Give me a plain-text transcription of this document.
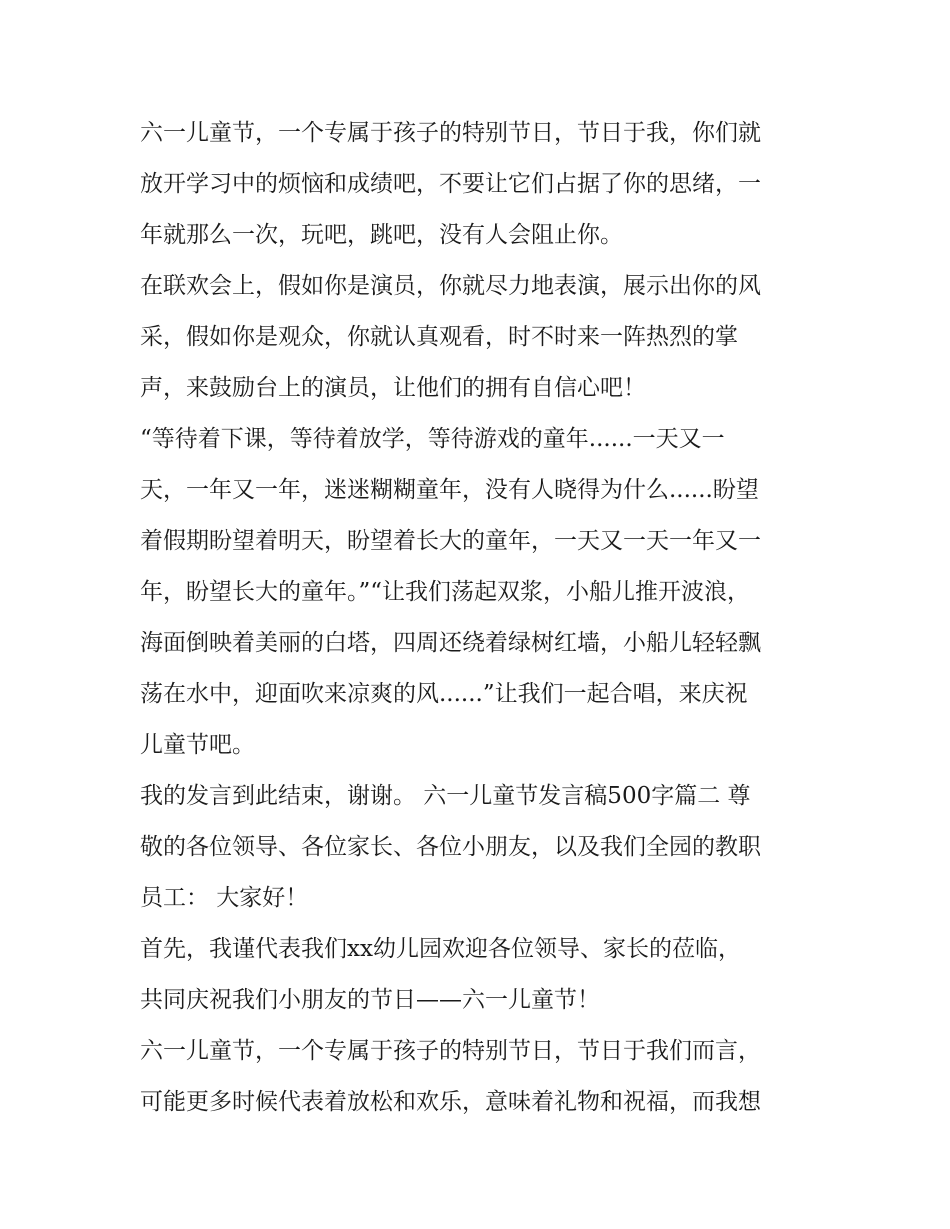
六一儿童节，一个专属于孩子的特别节日，节日于我，你们就
放开学习中的烦恼和成绩吧，不要让它们占据了你的思绪，一
年就那么一次，玩吧，跳吧，没有人会阻止你。
在联欢会上，假如你是演员，你就尽力地表演，展示出你的风
采，假如你是观众，你就认真观看，时不时来一阵热烈的掌
声，来鼓励台上的演员，让他们的拥有自信心吧！
“等待着下课，等待着放学，等待游戏的童年......一天又一
天，一年又一年，迷迷糊糊童年，没有人晓得为什么......盼望
着假期盼望着明天，盼望着长大的童年，一天又一天一年又一
年，盼望长大的童年。”“让我们荡起双浆，小船儿推开波浪，
海面倒映着美丽的白塔，四周还绕着绿树红墙，小船儿轻轻飘
荡在水中，迎面吹来凉爽的风......”让我们一起合唱，来庆祝
儿童节吧。
我的发言到此结束，谢谢。 六一儿童节发言稿500字篇二 尊
敬的各位领导、各位家长、各位小朋友，以及我们全园的教职
员工： 大家好！
首先，我谨代表我们xx幼儿园欢迎各位领导、家长的莅临，
共同庆祝我们小朋友的节日——六一儿童节！
六一儿童节，一个专属于孩子的特别节日，节日于我们而言，
可能更多时候代表着放松和欢乐，意味着礼物和祝福，而我想
